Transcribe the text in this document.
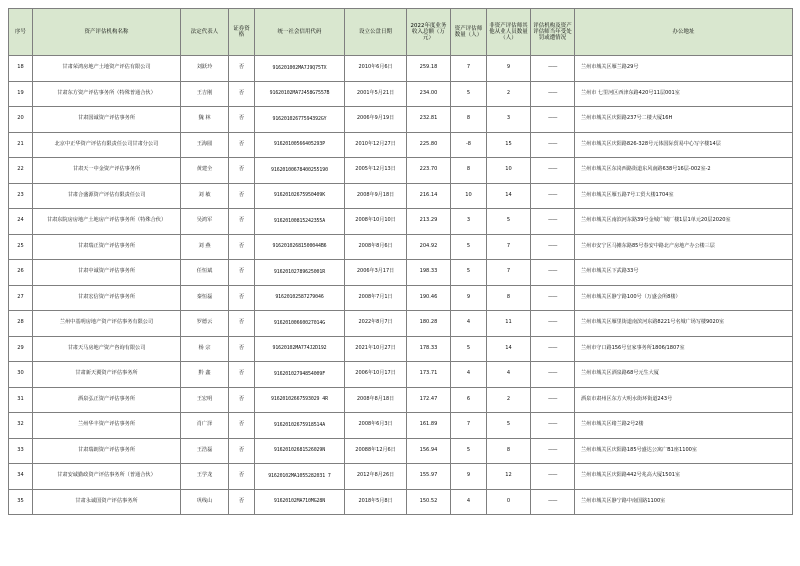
序号	资产评估机构名称	法定代表人	证券资格	统一社会信用代码	设立公盘日期	2022年度业务收入总额（万元）	资产评估师数量（人）	非资产评估师其他从业人员数量（人）	评估机构及资产评估师当年受处罚或遭情况	办公地址
18	甘肃荣鸿房地产土地资产评估有限公司	刘跃玲	否	916201002MA7J9Q75TX	2010年6月6日	259.18	7	9	——	兰州市城关区雁兰路29号
19	甘肃东方资产评估事务所（特殊普通合伙）	王吉刚	否	91620102MA7J458G7557B	2001年5月21日	234.00	5	2	——	兰州市 七里河区西津东路420号11层001室
20	甘肃国诚资产评估事务所	魏 林	否	91620102677594392GY	2006年9月19日	232.81	8	3	——	兰州市城关区庆阳路237号二楼大厦16H
21	北京中正华资产评估有限责任公司甘肃分公司	王海圆	否	91620100566405293P	2010年12月27日	225.80	-8	15	——	兰州市城关区庆阳路826-328号元体国际贸易中心写字楼14层
22	甘肃天一中金资产评估事务所	黄建全	否	91620100678400255190	2005年12月13日	223.70	8	10	——	兰州市城关区东岗西路街道东风南路638号16层-002室-2
23	甘肃合盛源资产评估有限责任公司	刘 敏	否	91620102675950409K	2008年9月18日	216.14	10	14	——	兰州市城关区雁五路7号工贸大楼1704室
24	甘肃东院房房地产土地房产评估事务所（特殊合伙）	吴鸿军	否	91620100815242355A	2008年10月10日	213.29	3	5	——	兰州市城关区南滨河东路39号金城广城厂楼1层1单元20层2020室
25	甘肃瑞正资产评估事务所	刘 燕	否	91620102681500044B6	2008年8月6日	204.92	5	7	——	兰州市安宁区马摊东路85号春安中路北产房地产办公楼三层
26	甘肃中诚资产评估事务所	任恒斌	否	91620102789625001R	2006年3月17日	198.33	5	7	——	兰州市城关区下武路33号
27	甘肃宏信资产评估事务所	秦恒磊	否	91620102587279046	2008年7月1日	190.46	9	8	——	兰州市城关区静宁路100号（万盛会所8楼）
28	兰州中基明房地产资产评估事务有限公司	罗德云	否	91620100660027014G	2022年8月7日	180.28	4	11	——	兰州市城关区雁里街道南滨河东路8221号名城广场写楼9020室
29	甘肃天马房地产资产咨询有限公司	杨 宗	否	91620102MA774J2D192	2021年10月27日	178.33	5	14	——	兰州市守口路156号皇家事务所1806/1807室
30	甘肃新天翼资产评估事务所	黔 鑫	否	91620102794854009F	2006年10月17日	173.71	4	4	——	兰州市城关区酒泉路68号元生大厦
31	酒泉弘正资产评估事务所	王宏明	否	91620102667593029 4R	2008年8月18日	172.47	6	2	——	酒泉市肃州区东方大明水街环街道243号
32	兰州华丰资产评估事务所	肖广泽	否	91620102675918514A	2008年6月3日	161.89	7	5	——	兰州市城关区绪兰路2号2楼
33	甘肃瑞朗资产评估事务所	王浩磊	否	91620102681526029N	20088年12月6日	156.94	5	8	——	兰州市城关区庆阳路185号盛达公寓广B1座1100室
34	甘肃安诚勤政资产评估事务所（普通合伙）	王学龙	否	91620102MA1055282031 7	2012年8月26日	155.97	9	12	——	兰州市城关区庆阳路442号兆高大厦1501室
35	甘肃永诚国资产评估事务所	巩线山	否	91620102MA710MG28N	2018年5月8日	150.52	4	0	——	兰州市城关区静宁路中南国路1100室
